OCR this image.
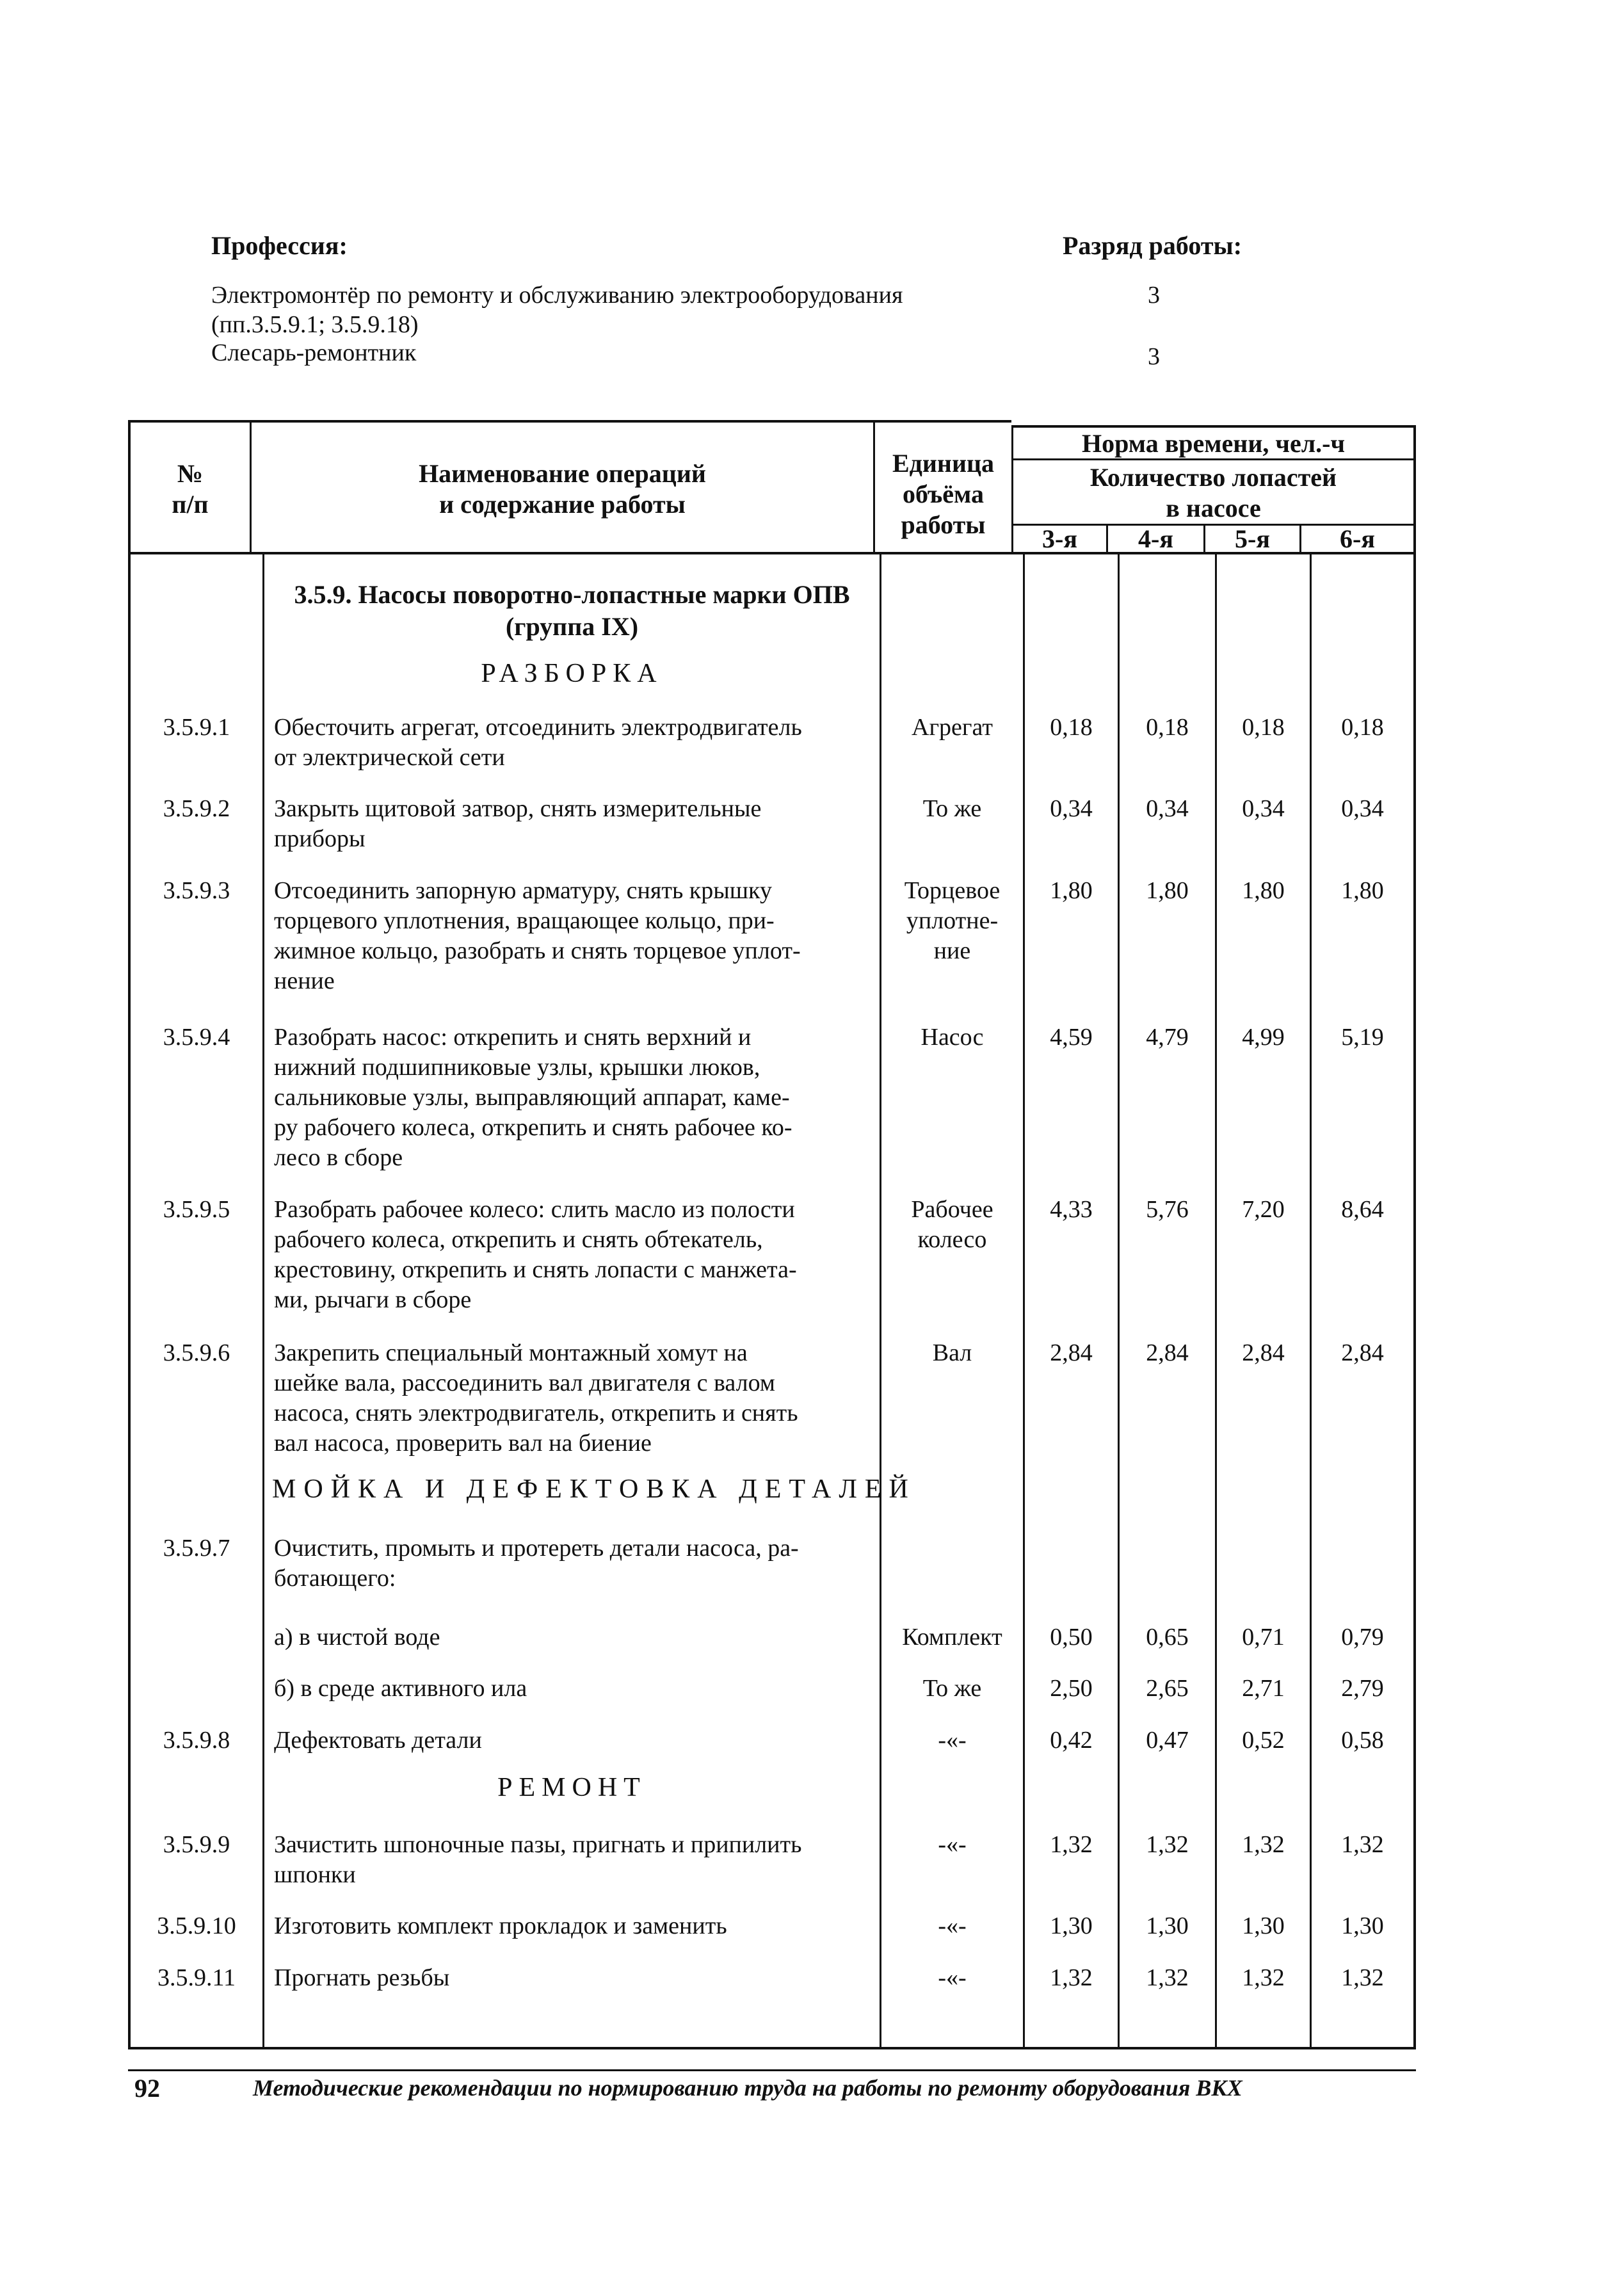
Профессия:	Разряд работы:
Электромонтёр по ремонту и обслуживанию электрооборудования
(пп.3.5.9.1; 3.5.9.18)
3
Слесарь-ремонтник	3
№
п/п
Наименование операций
и содержание работы
Единица
объёма
работы
Норма времени, чел.-ч
Количество лопастей
в насосе
3-я	4-я	5-я	6-я
3.5.9. Насосы поворотно-лопастные марки ОПВ
(группа IX)
РАЗБОРКА
МОЙКА И ДЕФЕКТОВКА ДЕТАЛЕЙ
РЕМОНТ
3.5.9.1	Обесточить агрегат, отсоединить электродвигатель
от электрической сети
Агрегат	0,18	0,18	0,18	0,18
3.5.9.2	Закрыть щитовой затвор, снять измерительные
приборы
То же	0,34	0,34	0,34	0,34
3.5.9.3	Отсоединить запорную арматуру, снять крышку
торцевого уплотнения, вращающее кольцо, при-
жимное кольцо, разобрать и снять торцевое уплот-
нение
Торцевое
уплотне-
ние
1,80	1,80	1,80	1,80
3.5.9.4	Разобрать насос: открепить и снять верхний и
нижний подшипниковые узлы, крышки люков,
сальниковые узлы, выправляющий аппарат, каме-
ру рабочего колеса, открепить и снять рабочее ко-
лесо в сборе
Насос	4,59	4,79	4,99	5,19
3.5.9.5	Разобрать рабочее колесо: слить масло из полости
рабочего колеса, открепить и снять обтекатель,
крестовину, открепить и снять лопасти с манжета-
ми, рычаги в сборе
Рабочее
колесо
4,33	5,76	7,20	8,64
3.5.9.6	Закрепить специальный монтажный хомут на
шейке вала, рассоединить вал двигателя с валом
насоса, снять электродвигатель, открепить и снять
вал насоса, проверить вал на биение
Вал	2,84	2,84	2,84	2,84
3.5.9.7	Очистить, промыть и протереть детали насоса, ра-
ботающего:
а) в чистой воде	Комплект	0,50	0,65	0,71	0,79
б) в среде активного ила	То же	2,50	2,65	2,71	2,79
3.5.9.8	Дефектовать детали	-«-	0,42	0,47	0,52	0,58
3.5.9.9	Зачистить шпоночные пазы, пригнать и припилить
шпонки
-«-	1,32	1,32	1,32	1,32
3.5.9.10	Изготовить комплект прокладок и заменить	-«-	1,30	1,30	1,30	1,30
3.5.9.11	Прогнать резьбы	-«-	1,32	1,32	1,32	1,32
92	Методические рекомендации по нормированию труда на работы по ремонту оборудования ВКХ
